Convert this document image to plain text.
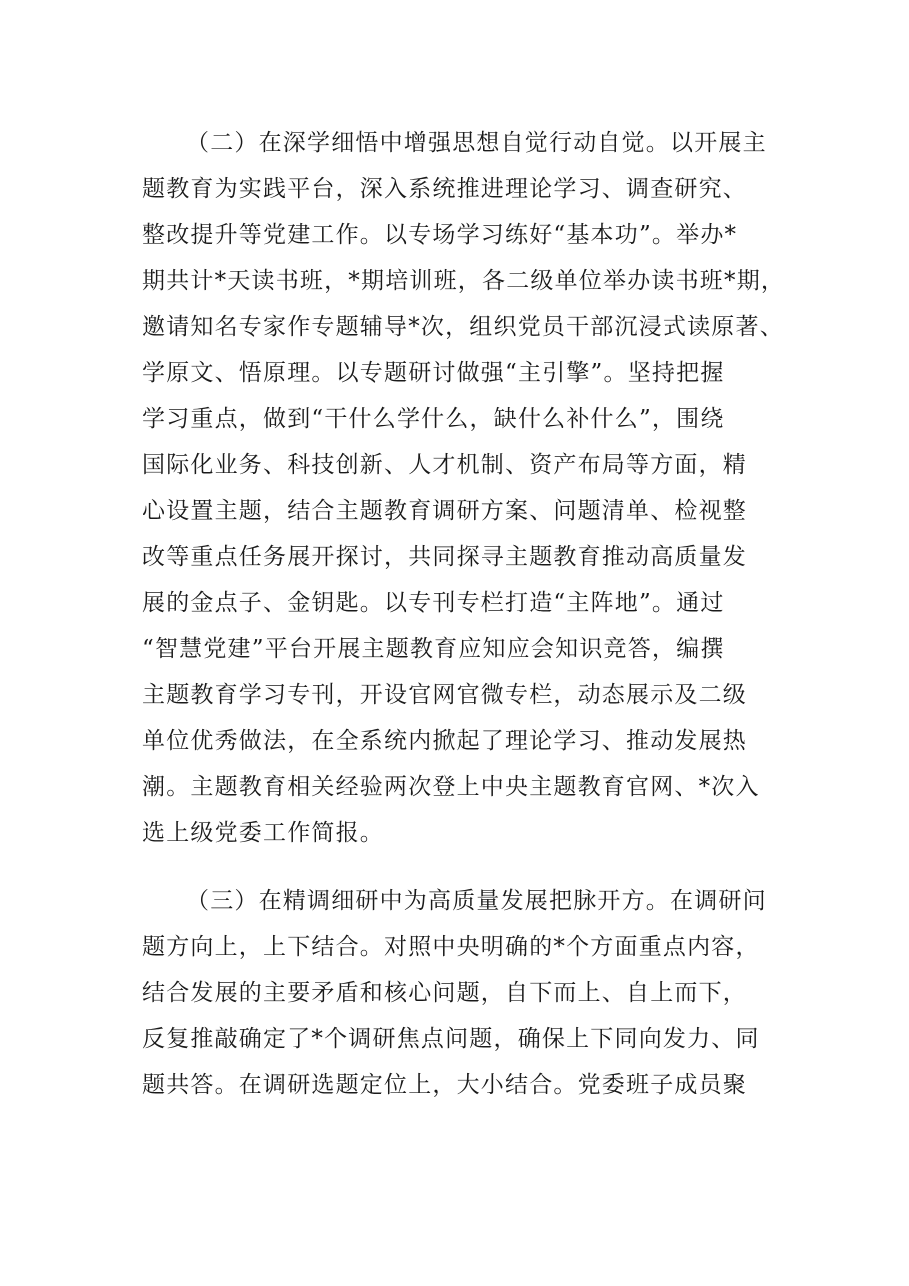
（二）在深学细悟中增强思想自觉行动自觉。以开展主
题教育为实践平台，深入系统推进理论学习、调查研究、
整改提升等党建工作。以专场学习练好“基本功”。举办*
期共计*天读书班，*期培训班，各二级单位举办读书班*期，
邀请知名专家作专题辅导*次，组织党员干部沉浸式读原著、
学原文、悟原理。以专题研讨做强“主引擎”。坚持把握
学习重点，做到“干什么学什么，缺什么补什么”，围绕
国际化业务、科技创新、人才机制、资产布局等方面，精
心设置主题，结合主题教育调研方案、问题清单、检视整
改等重点任务展开探讨，共同探寻主题教育推动高质量发
展的金点子、金钥匙。以专刊专栏打造“主阵地”。通过
“智慧党建”平台开展主题教育应知应会知识竞答，编撰
主题教育学习专刊，开设官网官微专栏，动态展示及二级
单位优秀做法，在全系统内掀起了理论学习、推动发展热
潮。主题教育相关经验两次登上中央主题教育官网、*次入
选上级党委工作简报。
（三）在精调细研中为高质量发展把脉开方。在调研问
题方向上，上下结合。对照中央明确的*个方面重点内容，
结合发展的主要矛盾和核心问题，自下而上、自上而下，
反复推敲确定了*个调研焦点问题，确保上下同向发力、同
题共答。在调研选题定位上，大小结合。党委班子成员聚
